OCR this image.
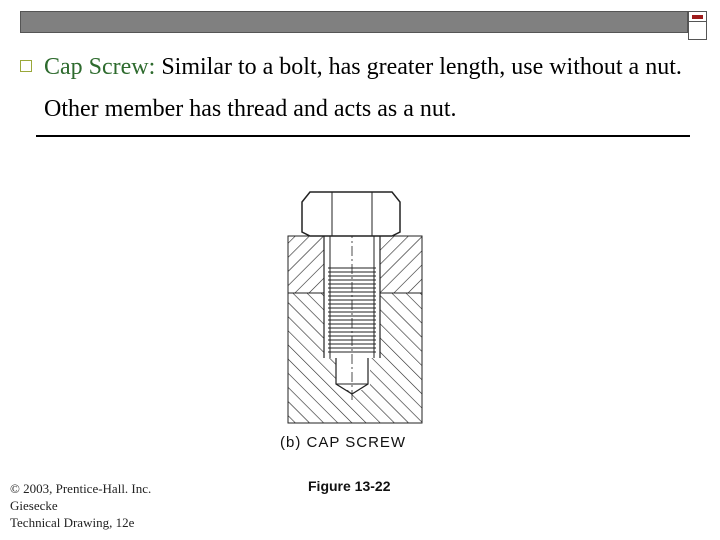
Cap Screw: Similar to a bolt, has greater length, use without a nut. Other member has thread and acts as a nut.
(b) CAP SCREW
Figure 13-22
© 2003, Prentice-Hall. Inc.
Giesecke
Technical Drawing, 12e
